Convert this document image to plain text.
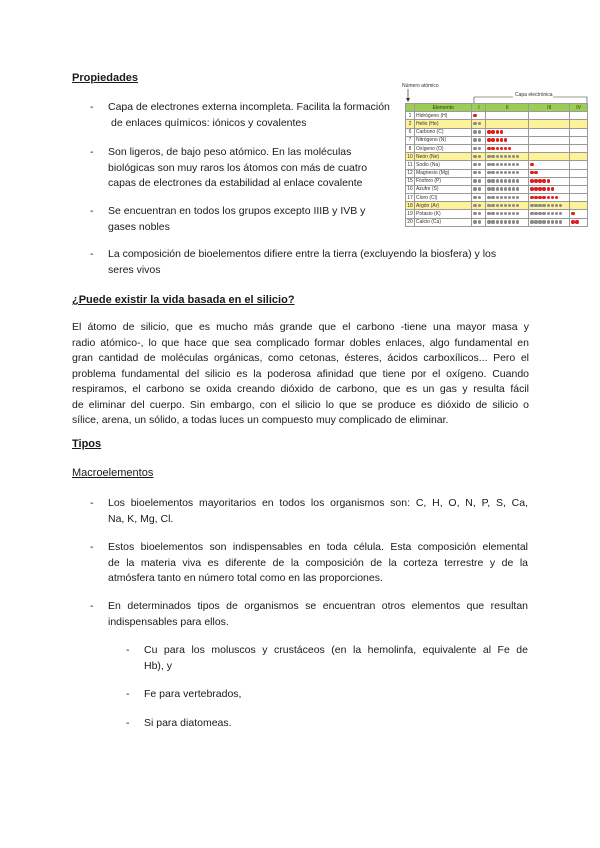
Propiedades
-	Capa de electrones externa incompleta. Facilita la formación
de enlaces químicos: iónicos y covalentes
-	Son ligeros, de bajo peso atómico. En las moléculas
biológicas son muy raros los átomos con más de cuatro
capas de electrones da estabilidad al enlace covalente
-	Se encuentran en todos los grupos excepto IIIB y IVB y
gases nobles
-	La composición de bioelementos difiere entre la tierra (excluyendo la biosfera) y los
seres vivos
Número atómico
Capa electrónica
	Elemento	I	II	III	IV
1	Hidrógeno (H)				
2	Helio (He)				
6	Carbono (C)				
7	Nitrógeno (N)				
8	Oxígeno (O)				
10	Neón (Ne)				
11	Sodio (Na)				
12	Magnesio (Mg)				
15	Fósforo (P)				
16	Azufre (S)				
17	Cloro (Cl)				
18	Argón (Ar)				
19	Potasio (K)				
20	Calcio (Ca)				
¿Puede existir la vida basada en el silicio?
El átomo de silicio, que es mucho más grande que el carbono -tiene una mayor masa y
radio atómico-, lo que hace que sea complicado formar dobles enlaces, algo fundamental en
gran cantidad de moléculas orgánicas, como cetonas, ésteres, ácidos carboxílicos... Pero el
problema fundamental del silicio es la poderosa afinidad que tiene por el oxígeno. Cuando
respiramos, el carbono se oxida creando dióxido de carbono, que es un gas y resulta fácil
de eliminar del cuerpo. Sin embargo, con el silicio lo que se produce es dióxido de silicio o
sílice, arena, un sólido, a todas luces un compuesto muy complicado de eliminar.
Tipos
Macroelementos
-	Los bioelementos mayoritarios en todos los organismos son: C, H, O, N, P, S, Ca,
Na, K, Mg, Cl.
-	Estos bioelementos son indispensables en toda célula. Esta composición elemental
de la materia viva es diferente de la composición de la corteza terrestre y de la
atmósfera tanto en número total como en las proporciones.
-	En determinados tipos de organismos se encuentran otros elementos que resultan
indispensables para ellos.
-	Cu para los moluscos y crustáceos (en la hemolinfa, equivalente al Fe de
Hb), y
-	Fe para vertebrados,
-	Si para diatomeas.
